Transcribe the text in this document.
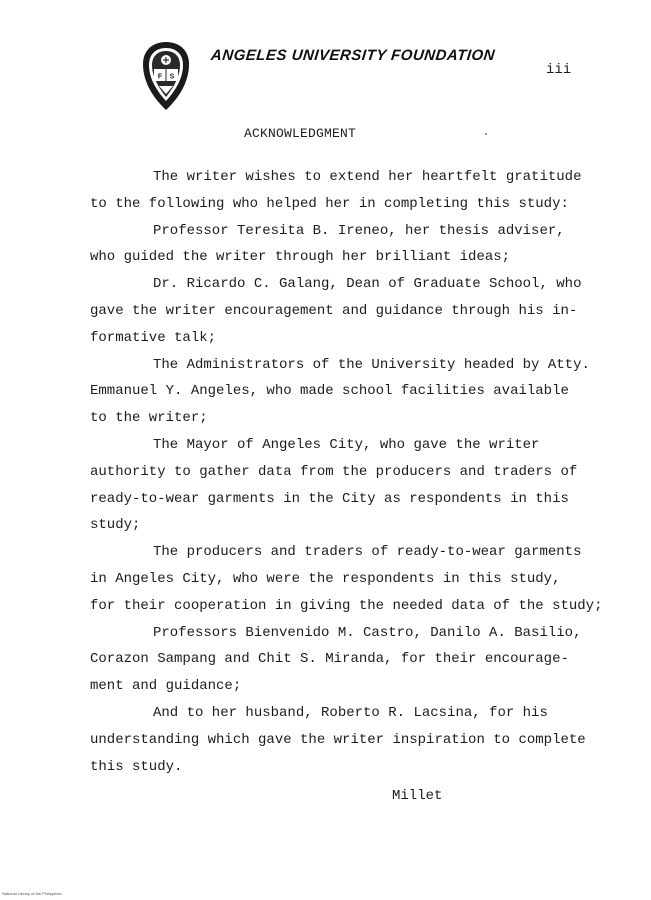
F S
ANGELES UNIVERSITY FOUNDATION
iii
ACKNOWLEDGMENT
The writer wishes to extend her heartfelt gratitude
to the following who helped her in completing this study:
Professor Teresita B. Ireneo, her thesis adviser,
who guided the writer through her brilliant ideas;
Dr. Ricardo C. Galang, Dean of Graduate School, who
gave the writer encouragement and guidance through his in-
formative talk;
The Administrators of the University headed by Atty.
Emmanuel Y. Angeles, who made school facilities available
to the writer;
The Mayor of Angeles City, who gave the writer
authority to gather data from the producers and traders of
ready-to-wear garments in the City as respondents in this
study;
The producers and traders of ready-to-wear garments
in Angeles City, who were the respondents in this study,
for their cooperation in giving the needed data of the study;
Professors Bienvenido M. Castro, Danilo A. Basilio,
Corazon Sampang and Chit S. Miranda, for their encourage-
ment and guidance;
And to her husband, Roberto R. Lacsina, for his
understanding which gave the writer inspiration to complete
this study.
Millet
National Library of the Philippines
